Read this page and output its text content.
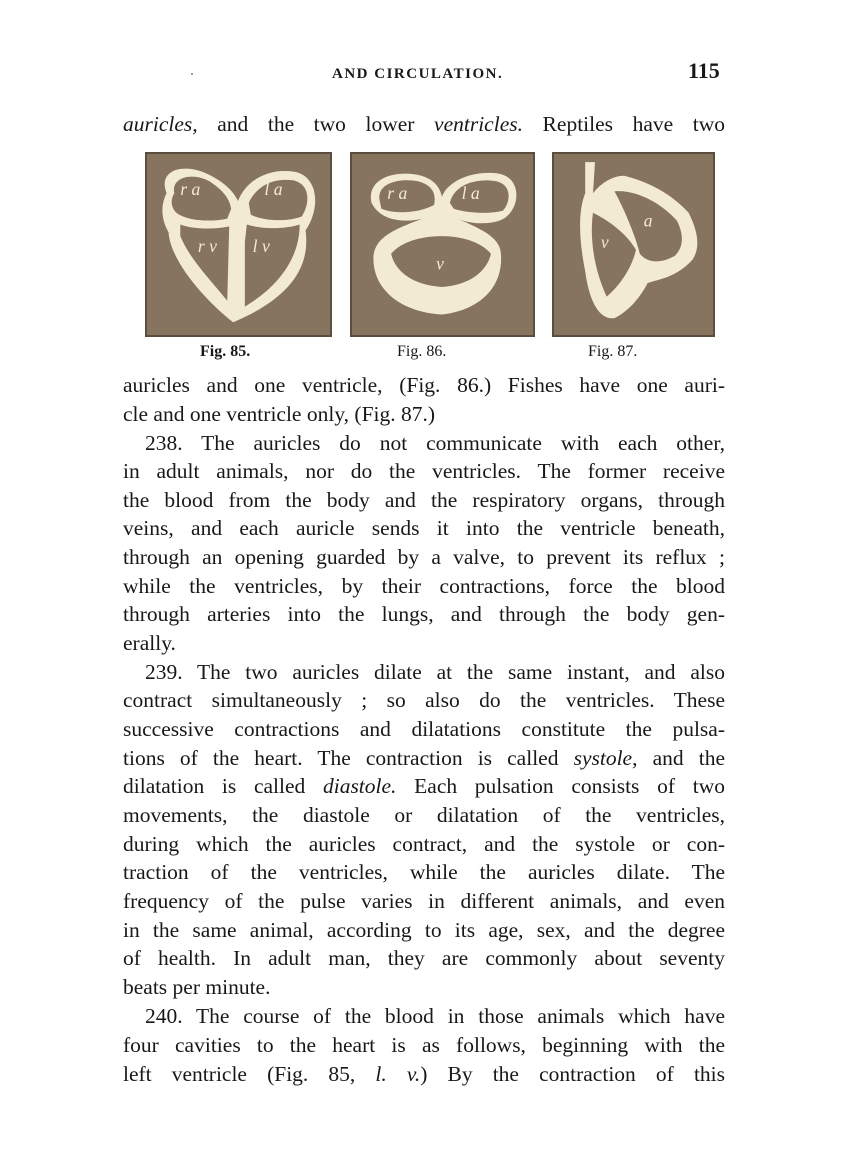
AND CIRCULATION.	115
auricles, and the two lower ventricles. Reptiles have two
r a	l a
r v l v
Fig. 85.
r a	l a
v
Fig. 86.
v
a
Fig. 87.
auricles and one ventricle, (Fig. 86.) Fishes have one auri-
cle and one ventricle only, (Fig. 87.)
238. The auricles do not communicate with each other,
in adult animals, nor do the ventricles. The former receive
the blood from the body and the respiratory organs, through
veins, and each auricle sends it into the ventricle beneath,
through an opening guarded by a valve, to prevent its reflux ;
while the ventricles, by their contractions, force the blood
through arteries into the lungs, and through the body gen-
erally.
239. The two auricles dilate at the same instant, and also
contract simultaneously ; so also do the ventricles. These
successive contractions and dilatations constitute the pulsa-
tions of the heart. The contraction is called systole, and the
dilatation is called diastole. Each pulsation consists of two
movements, the diastole or dilatation of the ventricles,
during which the auricles contract, and the systole or con-
traction of the ventricles, while the auricles dilate. The
frequency of the pulse varies in different animals, and even
in the same animal, according to its age, sex, and the degree
of health. In adult man, they are commonly about seventy
beats per minute.
240. The course of the blood in those animals which have
four cavities to the heart is as follows, beginning with the
left ventricle (Fig. 85, l. v.) By the contraction of this
